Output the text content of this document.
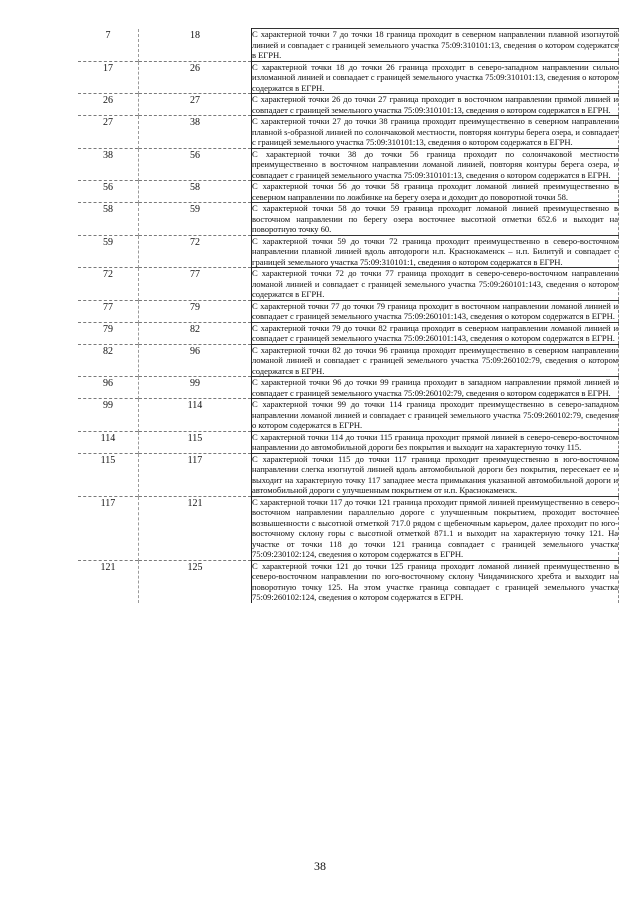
7	18	С характерной точки 7 до точки 18 граница проходит в северном направлении плавной изогнутой линией и совпадает с границей земельного участка 75:09:310101:13, сведения о котором содержатся в ЕГРН.

17	26	С характерной точки 18 до точки 26 граница проходит в северо-западном направлении сильно изломанной линией и совпадает с границей земельного участка 75:09:310101:13, сведения о котором содержатся в ЕГРН.

26	27	С характерной точки 26 до точки 27 граница проходит в восточном направлении прямой линией и совпадает с границей земельного участка 75:09:310101:13, сведения о котором содержатся в ЕГРН.

27	38	С характерной точки 27 до точки 38 граница проходит преимущественно в северном направлении плавной s-образной линией по солончаковой местности, повторяя контуры берега озера, и совпадает с границей земельного участка 75:09:310101:13, сведения о котором содержатся в ЕГРН.

38	56	С характерной точки 38 до точки 56 граница проходит по солончаковой местности преимущественно в восточном направлении ломаной линией, повторяя контуры берега озера, и совпадает с границей земельного участка 75:09:310101:13, сведения о котором содержатся в ЕГРН.

56	58	С характерной точки 56 до точки 58 граница проходит ломаной линией преимущественно в северном направлении по ложбинке на берегу озера и доходит до поворотной точки 58.

58	59	С характерной точки 58 до точки 59 граница проходит ломаной линией преимущественно в восточном направлении по берегу озера восточнее высотной отметки 652.6 и выходит на поворотную точку 60.

59	72	С характерной точки 59 до точки 72 граница проходит преимущественно в северо-восточном направлении плавной линией вдоль автодороги н.п. Краснокаменск – н.п. Билитуй и совпадает с границей земельного участка 75:09:310101:1, сведения о котором содержатся в ЕГРН.

72	77	С характерной точки 72 до точки 77 граница проходит в северо-северо-восточном направлении ломаной линией и совпадает с границей земельного участка 75:09:260101:143, сведения о котором содержатся в ЕГРН.

77	79	С характерной точки 77 до точки 79 граница проходит в восточном направлении ломаной линией и совпадает с границей земельного участка 75:09:260101:143, сведения о котором содержатся в ЕГРН.

79	82	С характерной точки 79 до точки 82 граница проходит в северном направлении ломаной линией и совпадает с границей земельного участка 75:09:260101:143, сведения о котором содержатся в ЕГРН.

82	96	С характерной точки 82 до точки 96 граница проходит преимущественно в северном направлении ломаной линией и совпадает с границей земельного участка 75:09:260102:79, сведения о котором содержатся в ЕГРН.

96	99	С характерной точки 96 до точки 99 граница проходит в западном направлении прямой линией и совпадает с границей земельного участка 75:09:260102:79, сведения о котором содержатся в ЕГРН.

99	114	С характерной точки 99 до точки 114 граница проходит преимущественно в северо-западном направлении ломаной линией и совпадает с границей земельного участка 75:09:260102:79, сведения о котором содержатся в ЕГРН.

114	115	С характерной точки 114 до точки 115 граница проходит прямой линией в северо-северо-восточном направлении до автомобильной дороги без покрытия и выходит на характерную точку 115.

115	117	С характерной точки 115 до точки 117 граница проходит преимущественно в юго-восточном направлении слегка изогнутой линией вдоль автомобильной дороги без покрытия, пересекает ее и выходит на характерную точку 117 западнее места примыкания указанной автомобильной дороги и автомобильной дороги с улучшенным покрытием от н.п. Краснокаменск.

117	121	С характерной точки 117 до точки 121 граница проходит прямой линией преимущественно в северо-восточном направлении параллельно дороге с улучшенным покрытием, проходит восточнее возвышенности с высотной отметкой 717.0 рядом с щебеночным карьером, далее проходит по юго-восточному склону горы с высотной отметкой 871.1 и выходит на характерную точку 121. На участке от точки 118 до точки 121 граница совпадает с границей земельного участка 75:09:230102:124, сведения о котором содержатся в ЕГРН.

121	125	С характерной точки 121 до точки 125 граница проходит ломаной линией преимущественно в северо-восточном направлении по юго-восточному склону Чиндачинского хребта и выходит на поворотную точку 125. На этом участке граница совпадает с границей земельного участка 75:09:260102:124, сведения о котором содержатся в ЕГРН.
38
